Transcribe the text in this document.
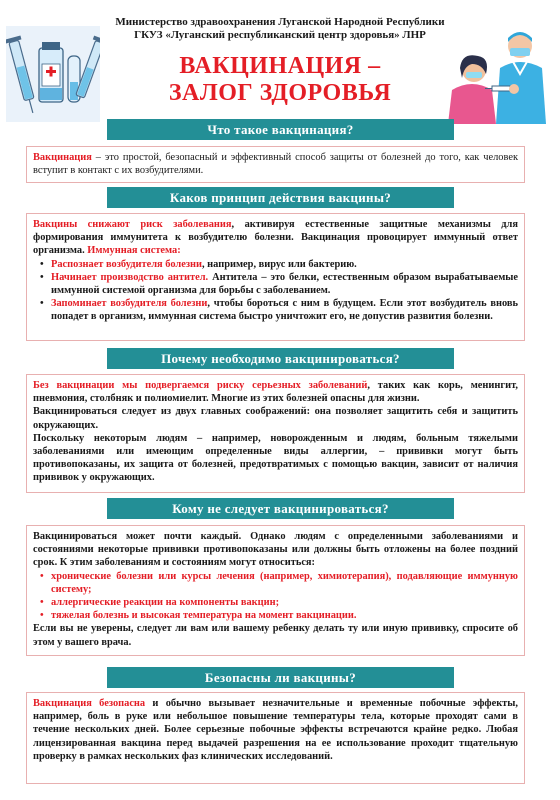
Министерство здравоохранения Луганской Народной Республики
ГКУЗ «Луганский республиканский центр здоровья» ЛНР
ВАКЦИНАЦИЯ –
ЗАЛОГ ЗДОРОВЬЯ
Что такое вакцинация?

Вакцинация – это простой, безопасный и эффективный способ защиты от болезней до того, как человек вступит в контакт с их возбудителями.

Каков принцип действия вакцины?

Вакцины снижают риск заболевания, активируя естественные защитные механизмы для формирования иммунитета к возбудителю болезни. Вакцинация провоцирует иммунный ответ организма. Иммунная система:

• Распознает возбудителя болезни, например, вирус или бактерию.
• Начинает производство антител. Антитела – это белки, естественным образом вырабатываемые иммунной системой организма для борьбы с заболеванием.
• Запоминает возбудителя болезни, чтобы бороться с ним в будущем. Если этот возбудитель вновь попадет в организм, иммунная система быстро уничтожит его, не допустив развития болезни.
Почему необходимо вакцинироваться?

Без вакцинации мы подвергаемся риску серьезных заболеваний, таких как корь, менингит, пневмония, столбняк и полиомиелит. Многие из этих болезней опасны для жизни.

Вакцинироваться следует из двух главных соображений: она позволяет защитить себя и защитить окружающих.

Поскольку некоторым людям – например, новорожденным и людям, больным тяжелыми заболеваниями или имеющим определенные виды аллергии, – прививки могут быть противопоказаны, их защита от болезней, предотвратимых с помощью вакцин, зависит от наличия прививок у окружающих.

Кому не следует вакцинироваться?

Вакцинироваться может почти каждый. Однако людям с определенными заболеваниями и состояниями некоторые прививки противопоказаны или должны быть отложены на более поздний срок. К этим заболеваниям и состояниям могут относиться:

• хронические болезни или курсы лечения (например, химиотерапия), подавляющие иммунную систему;
• аллергические реакции на компоненты вакцин;
• тяжелая болезнь и высокая температура на момент вакцинации.

Если вы не уверены, следует ли вам или вашему ребенку делать ту или иную прививку, спросите об этом у вашего врача.

Безопасны ли вакцины?

Вакцинация безопасна и обычно вызывает незначительные и временные побочные эффекты, например, боль в руке или небольшое повышение температуры тела, которые проходят сами в течение нескольких дней. Более серьезные побочные эффекты встречаются крайне редко. Любая лицензированная вакцина перед выдачей разрешения на ее использование проходит тщательную проверку в рамках нескольких фаз клинических исследований.
